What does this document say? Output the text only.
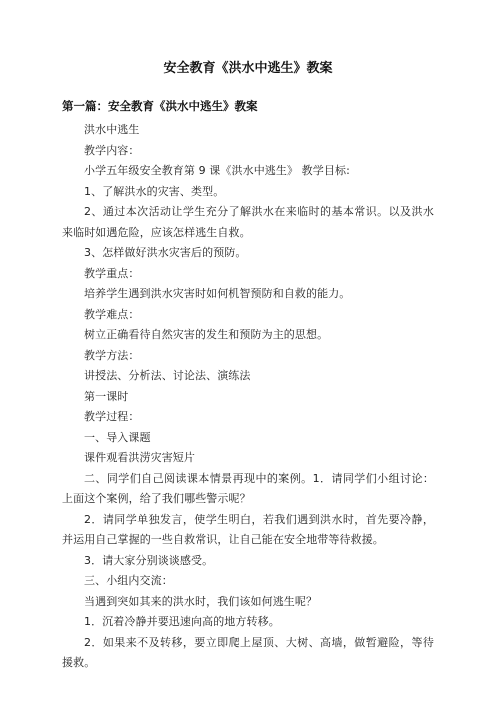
安全教育《洪水中逃生》教案
第一篇：安全教育《洪水中逃生》教案

洪水中逃生

教学内容：

小学五年级安全教育第 9 课《洪水中逃生》 教学目标:

1、了解洪水的灾害、类型。

2、通过本次活动让学生充分了解洪水在来临时的基本常识。以及洪水来临时如遇危险，应该怎样逃生自救。

3、怎样做好洪水灾害后的预防。

教学重点：

培养学生遇到洪水灾害时如何机智预防和自救的能力。

教学难点：

树立正确看待自然灾害的发生和预防为主的思想。

教学方法：

讲授法、分析法、讨论法、演练法

第一课时

教学过程：

一、导入课题

课件观看洪涝灾害短片

二、同学们自己阅读课本情景再现中的案例。1．请同学们小组讨论：上面这个案例，给了我们哪些警示呢？

2．请同学单独发言，使学生明白，若我们遇到洪水时，首先要冷静，并运用自己掌握的一些自救常识，让自己能在安全地带等待救援。

3．请大家分别谈谈感受。

三、小组内交流：

当遇到突如其来的洪水时，我们该如何逃生呢？

1．沉着冷静并要迅速向高的地方转移。

2．如果来不及转移，要立即爬上屋顶、大树、高墙，做暂避险，等待援救。
